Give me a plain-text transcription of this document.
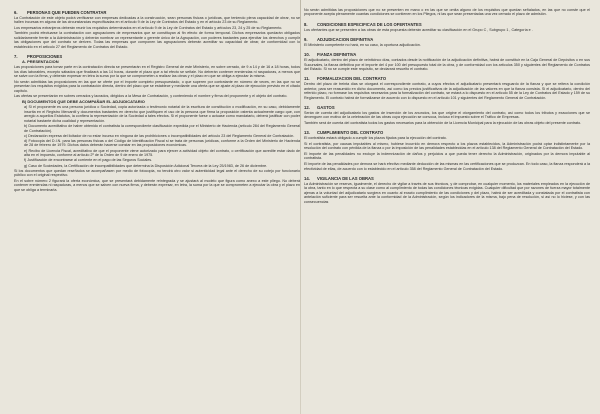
6. PERSONAS QUE PUEDEN CONTRATAR
La Contratación de este objeto podrá verificarse con empresas dedicadas a la construcción, sean personas físicas o jurídicas, que teniendo plena capacidad de obrar, no se hallen incursas en alguna de las circunstancias especificadas en el artículo 9 de la Ley de Contratos del Estado y en el artículo 23 de su Reglamento.
Los empresarios extranjeros deberán reunir los requisitos determinados en el artículo 9 de la Ley de Contratos del Estado y artículos 23, 24 y 25 de su Reglamento.
También podrá efectuarse la contratación con agrupaciones de empresarios que se constituyan al fin efecto de forma temporal. Dichos empresarios quedarán obligados solidariamente frente a la Administración y deberán nombrar un representante o gerente único de la Agrupación, con poderes bastantes para ejercitar los derechos y cumplir las obligaciones que del contrato se deriven. Todas las empresas que componen las agrupaciones deberán acreditar su capacidad de obrar, de conformidad con lo establecido en el artículo 27 del Reglamento de Contratos del Estado.
7. PROPOSICIONES
A. PRESENTACION
Las proposiciones para tomar parte en la contratación directa se presentarán en el Registro General de este Ministerio, en sobre cerrado, de 9 a 14 y de 16 a 18 horas, todos los días laborables, excepto sábados que finalizará a las 14 horas, durante el plazo que a tal efecto se señale. No deberán contener enmiendas ni raspaduras, a menos que se salve con la firma, y deberán expresar en letra la suma por la que se comprometen a realizar las obras y el plazo en que se obliga a ejecutar la misma.
No serán admitidas las proposiciones en las que se oferte por el importe completo presupuestado, o que superen por contratante en número de veces, en las que no se presentan los requisitos exigidos para la contratación directa, dentro del plazo que se establece y mediante una oferta que se ajuste al plazo de ejecución previsto en el citado capítulo.
Las ofertas se presentarán en sobres cerrados y lacrados, dirigidos a la Mesa de Contratación, y conteniendo el nombre y firma del proponente y el objeto del contrato.
B) DOCUMENTOS QUE DEBE ACOMPAÑAR EL ADJUDICATARIO
a) Si el proponente es una persona jurídica o Sociedad, copia autorizada o testimonio notarial de la escritura de constitución o modificación, en su caso, debidamente inscrita en el Registro Mercantil y documentos bastantes en derecho que justifiquen el uso de la persona que firma la proposición ostenta actualmente cargo que, con arreglo a aquellos Estatutos, la confiera la representación de la Sociedad a tales efectos. Si el proponente fuese o actuase como mandatario, deberá justificar con poder notarial bastante dicha cualidad y representación.
b) Documento acreditativo de haber obtenido el contratista la correspondiente clasificación expedida por el Ministerio de Hacienda (artículo 284 del Reglamento General de Contratación).
c) Declaración expresa del licitador de no estar incurso en ninguna de las prohibiciones o incompatibilidades del artículo 23 del Reglamento General de Contratación.
d) Fotocopia del D.I.N. para las personas físicas o del Código de Identificación Fiscal si se trata de personas jurídicas, conforme a la Orden del Ministerio de Hacienda de 28 de febrero de 1979. Dichos datos deberán hacerse constar en las proposiciones económicas.
e) Recibo de Licencia Fiscal, acreditativo de que el proponente viene autorizado para ejercer a actividad objeto del contrato, o certificación que acredite estar dado de alta en el impuesto, conforme al artículo 2º de la Orden de 9 de enero de 1975.
f) Justificación de encontrarse al corriente en el pago de las Seguros Sociales.
g) Caso de Sociedades, la Certificación de incompatibilidades que determina la Disposición Adicional Tercera de la Ley 25/1983, de 26 de diciembre.
Si los documentos que quedan reseñados se acompañasen por medio de fotocopia, no tendrá otro valor si autenticidad legal ante el derecho de su cotejo por funcionario público con el original respectivo.
En el sobre número 2 figurará la oferta económica, que se presentará debidamente reintegrada y se ajustará al modelo que figura como anexo a este pliego. No deberá contener enmiendas ni raspaduras, a menos que se salven con nueva firma, y deberán expresar, en letra, la suma por la que se comprometen a ejecutar la obra y el plazo en que se obliga a terminarla.
No serán admitidas las proposiciones que no se presenten en mano o en las que se omita alguno de los requisitos que quedan señalados, en las que no conste que el proponente acepta plenamente cuantas condiciones se contienen en los Pliegos, ni las que sean presentadas una vez cerrado el plazo de admisión.
8. CONDICIONES ESPECIFICAS DE LOS OFERTANTES
Los ofertantes que se presenten a las obras de esta propuesta deberán acreditar su clasificación en el Grupo C , Subgrupo 1 , Categoría e .
9. ADJUDICACION DEFINITIVA
El Ministerio competente no hará, en su caso, la oportuna adjudicación.
10. FIANZA DEFINITIVA
El adjudicatario, dentro del plazo de veinticinco días, contados desde la notificación de la adjudicación definitiva, habrá de constituir en la Caja General de Depósitos o en sus Sucursales, la fianza definitiva por el importe del 4 por 100 del presupuesto total de la obra, y de conformidad con los artículos 350 y siguientes del Reglamento de Contratos del Estado. Si no se cumple este requisito, se declarará resuelto el contrato.
11. FORMALIZACION DEL CONTRATO
Dentro del plazo de treinta días se otorgará el correspondiente contrato, a cuyos efectos el adjudicatario presentará resguardo de la fianza y que se reitera la condición anterior, para ser reasumido en dicho documento, así como los precios justificativos de la adjudicación de las valores en que la fianza consista. Si el adjudicatario, dentro del referido plazo, no formase los requisitos necesarios para la formalización del contrato, se estará a lo dispuesto en el artículo 55 de la Ley de Contratos del Estado y 159 de su Reglamento. El contrato habrá de formalizarse de acuerdo con lo dispuesto en el artículo 101 y siguientes del Reglamento General de Contratación.
12. GASTOS
Serán de cuenta del adjudicatario los gastos de inserción de los anuncios, los que origine el otorgamiento del contrato, así como todos los tributos y exacciones que se devenguen con motivo de la celebración de las obras cuya ejecución se convoca, incluso el impuesto sobre el Tráfico de Empresas.
También será de cuenta del contratista todos los gastos necesarios para la obtención de la Licencia Municipal para la ejecución de las obras objeto del presente contrato.
13. CUMPLIMIENTO DEL CONTRATO
El contratista estará obligado a cumplir los plazos fijados para la ejecución del contrato.
Si el contratista, por causas imputables al mismo, hubiese incurrido en demora respecto a los plazos establecidos, la Administración podrá optar indistintamente por la resolución del contrato con pérdida de la fianza o por la imposición de las penalidades establecidas en el artículo 138 del Reglamento General de Contratación del Estado.
El importe de las penalidades no excluye la indemnización de daños y perjuicios a que pueda tener derecho la Administración, originados por la demora imputable al contratista.
El importe de las penalidades por demora se hará efectivo mediante deducción de las mismas en las certificaciones que se produzcan. En todo caso, la fianza responderá a la efectividad de ellas, de acuerdo con lo establecido en el artículo 358 del Reglamento General de Contratación del Estado.
14. VIGILANCIA DE LAS OBRAS
La Administración se reserva, igualmente, el derecho de vigilar a través de sus técnicos, y de comprobar, en cualquier momento, los materiales empleados en la ejecución de la obra, tanto en lo que respecta a su clase como al cumplimiento de todas las condiciones técnicas exigidas. Cualquier dificultad que por razones de fuerza mayor totalmente ajenas a la voluntad del adjudicatario surgiera en cuanto al exacto cumplimiento de las condiciones y del plazo, habrá de ser acreditada y constatada por el contratista con antelación suficiente para ser resuelta ante la conformidad de la Administración, según los indicadores de la misma, bajo pena de resolución, si así no lo hiciese, y con las consecuencias
